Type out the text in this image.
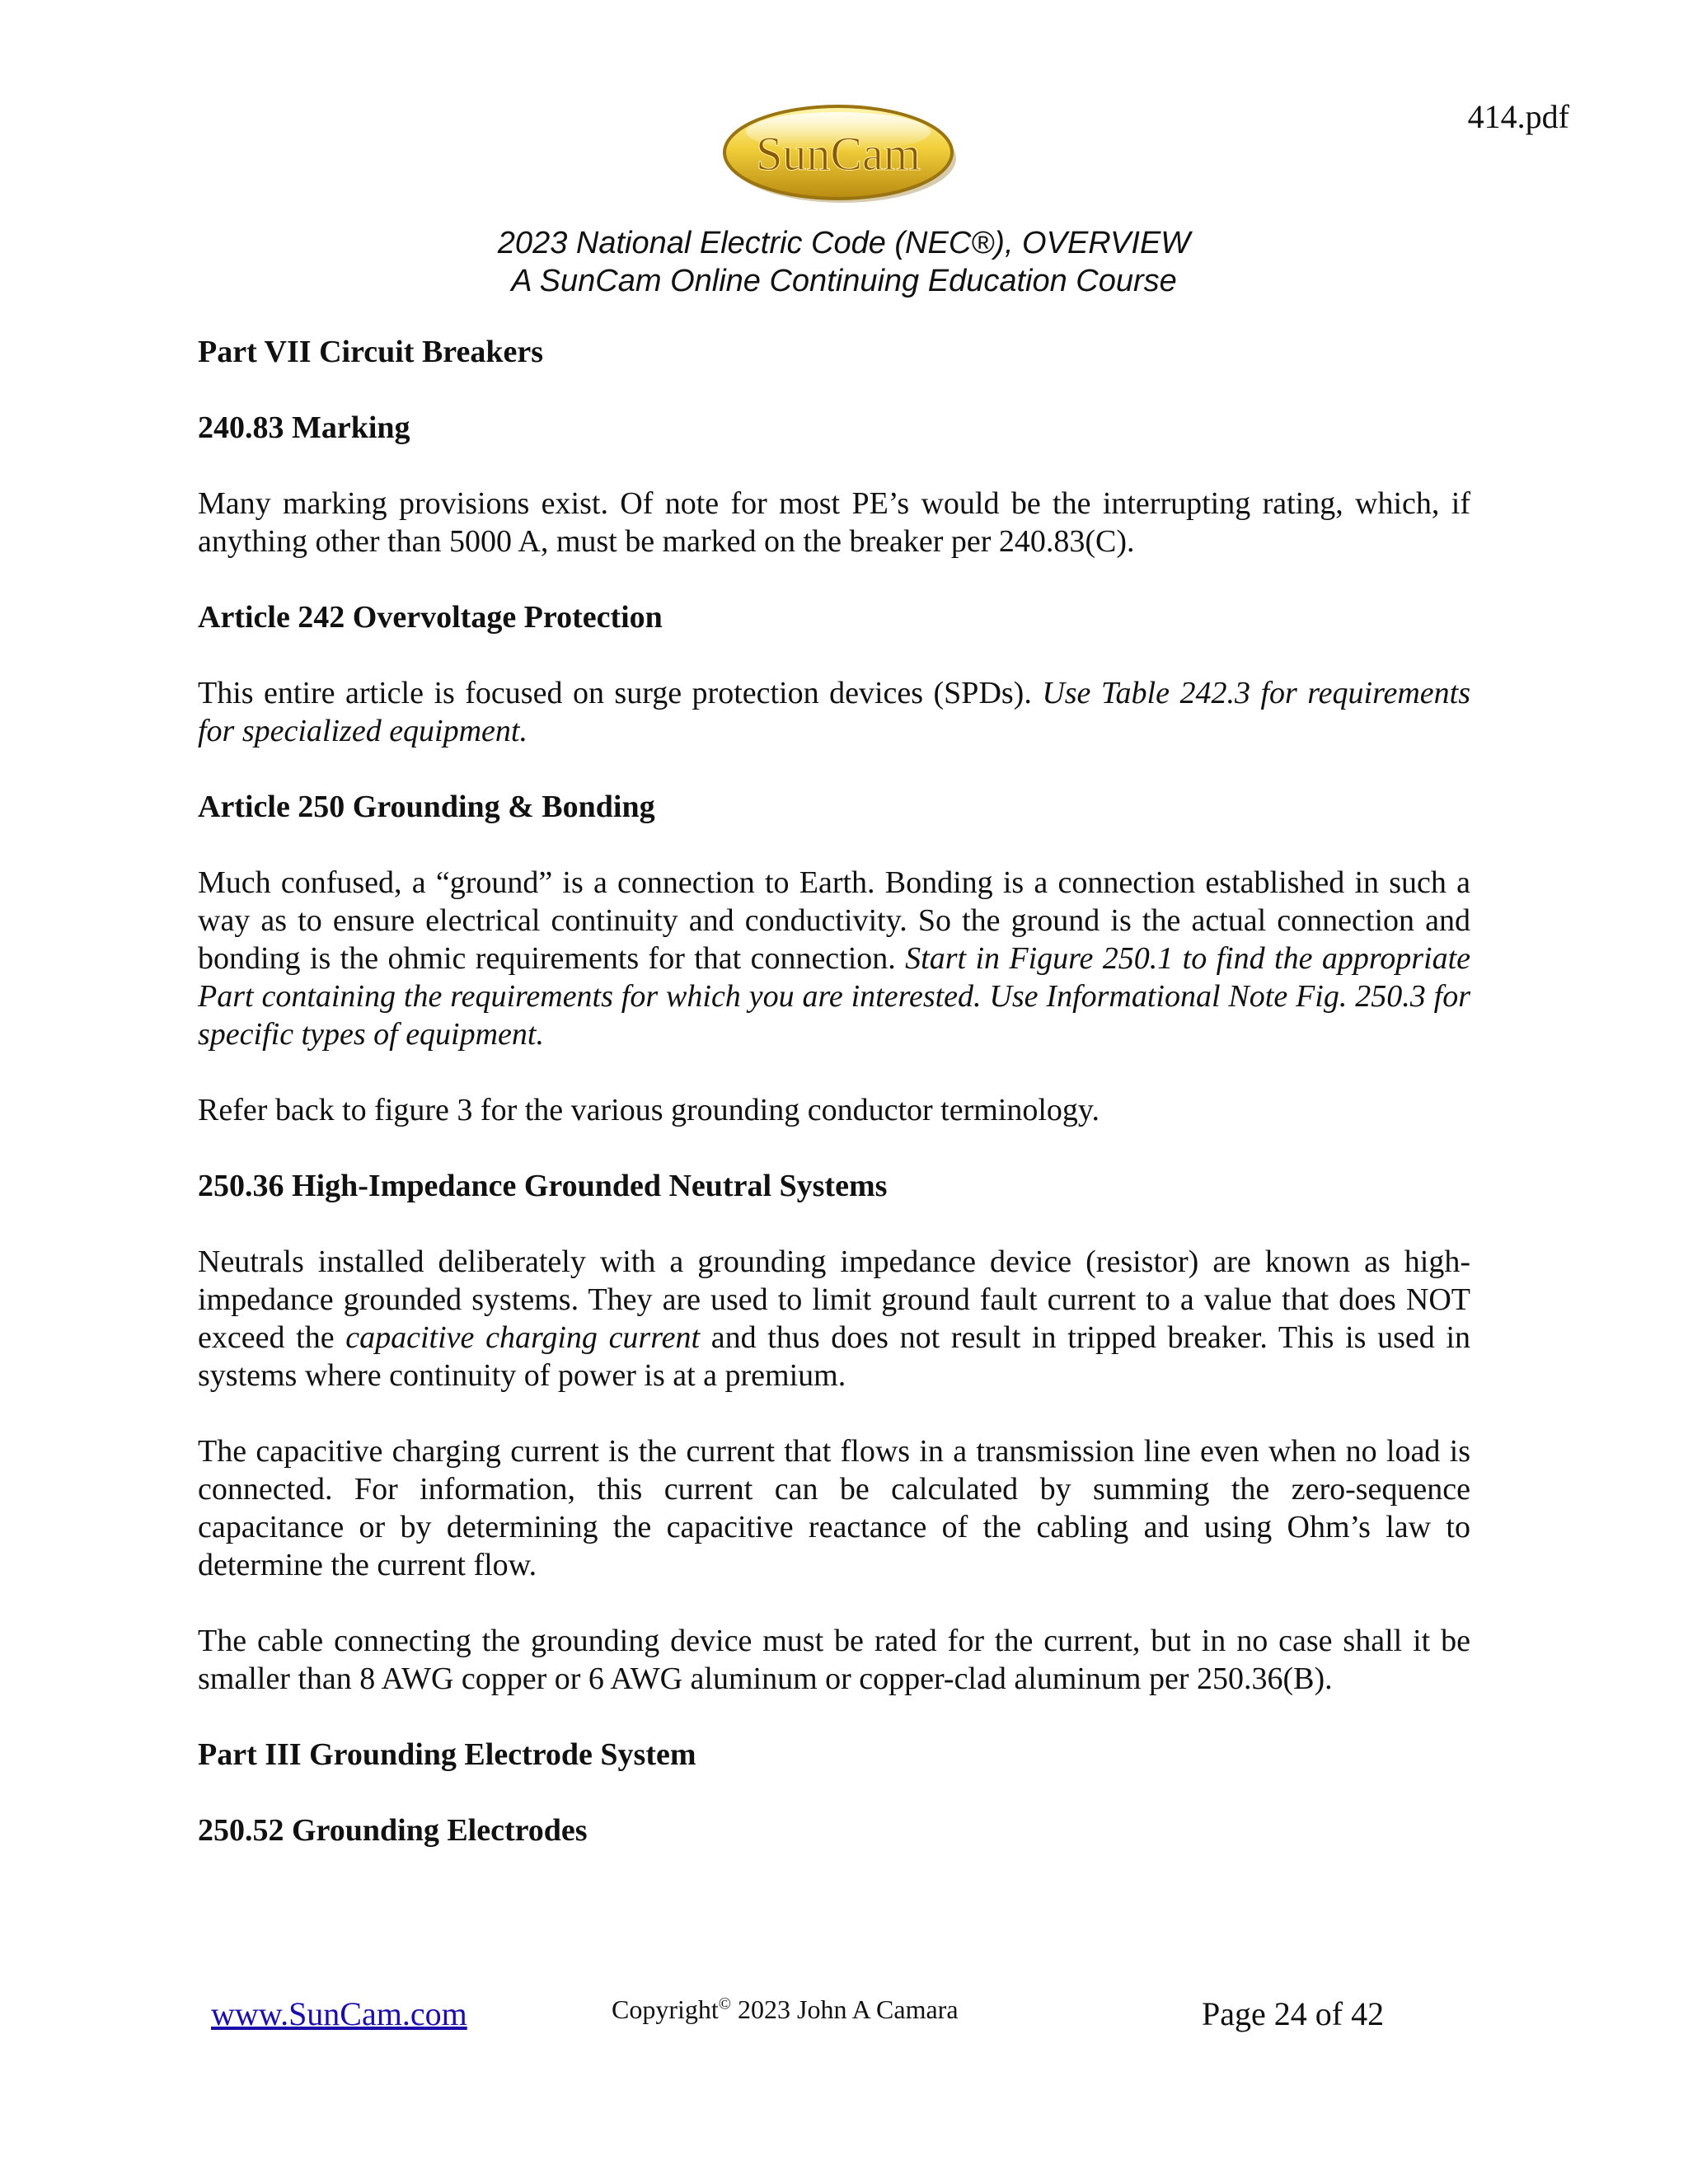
414.pdf
SunCam
2023 National Electric Code (NEC®), OVERVIEW
A SunCam Online Continuing Education Course
Part VII Circuit Breakers
240.83 Marking

Many marking provisions exist. Of note for most PE’s would be the interrupting rating, which, if anything other than 5000 A, must be marked on the breaker per 240.83(C).

Article 242 Overvoltage Protection

This entire article is focused on surge protection devices (SPDs). Use Table 242.3 for requirements for specialized equipment.

Article 250 Grounding & Bonding

Much confused, a “ground” is a connection to Earth. Bonding is a connection established in such a way as to ensure electrical continuity and conductivity. So the ground is the actual connection and bonding is the ohmic requirements for that connection. Start in Figure 250.1 to find the appropriate Part containing the requirements for which you are interested. Use Informational Note Fig. 250.3 for specific types of equipment.

Refer back to figure 3 for the various grounding conductor terminology.

250.36 High-Impedance Grounded Neutral Systems

Neutrals installed deliberately with a grounding impedance device (resistor) are known as high-impedance grounded systems. They are used to limit ground fault current to a value that does NOT exceed the capacitive charging current and thus does not result in tripped breaker. This is used in systems where continuity of power is at a premium.

The capacitive charging current is the current that flows in a transmission line even when no load is connected. For information, this current can be calculated by summing the zero-sequence capacitance or by determining the capacitive reactance of the cabling and using Ohm’s law to determine the current flow.

The cable connecting the grounding device must be rated for the current, but in no case shall it be smaller than 8 AWG copper or 6 AWG aluminum or copper-clad aluminum per 250.36(B).

Part III Grounding Electrode System
250.52 Grounding Electrodes
www.SunCam.com	Copyright© 2023 John A Camara	Page 24 of 42
